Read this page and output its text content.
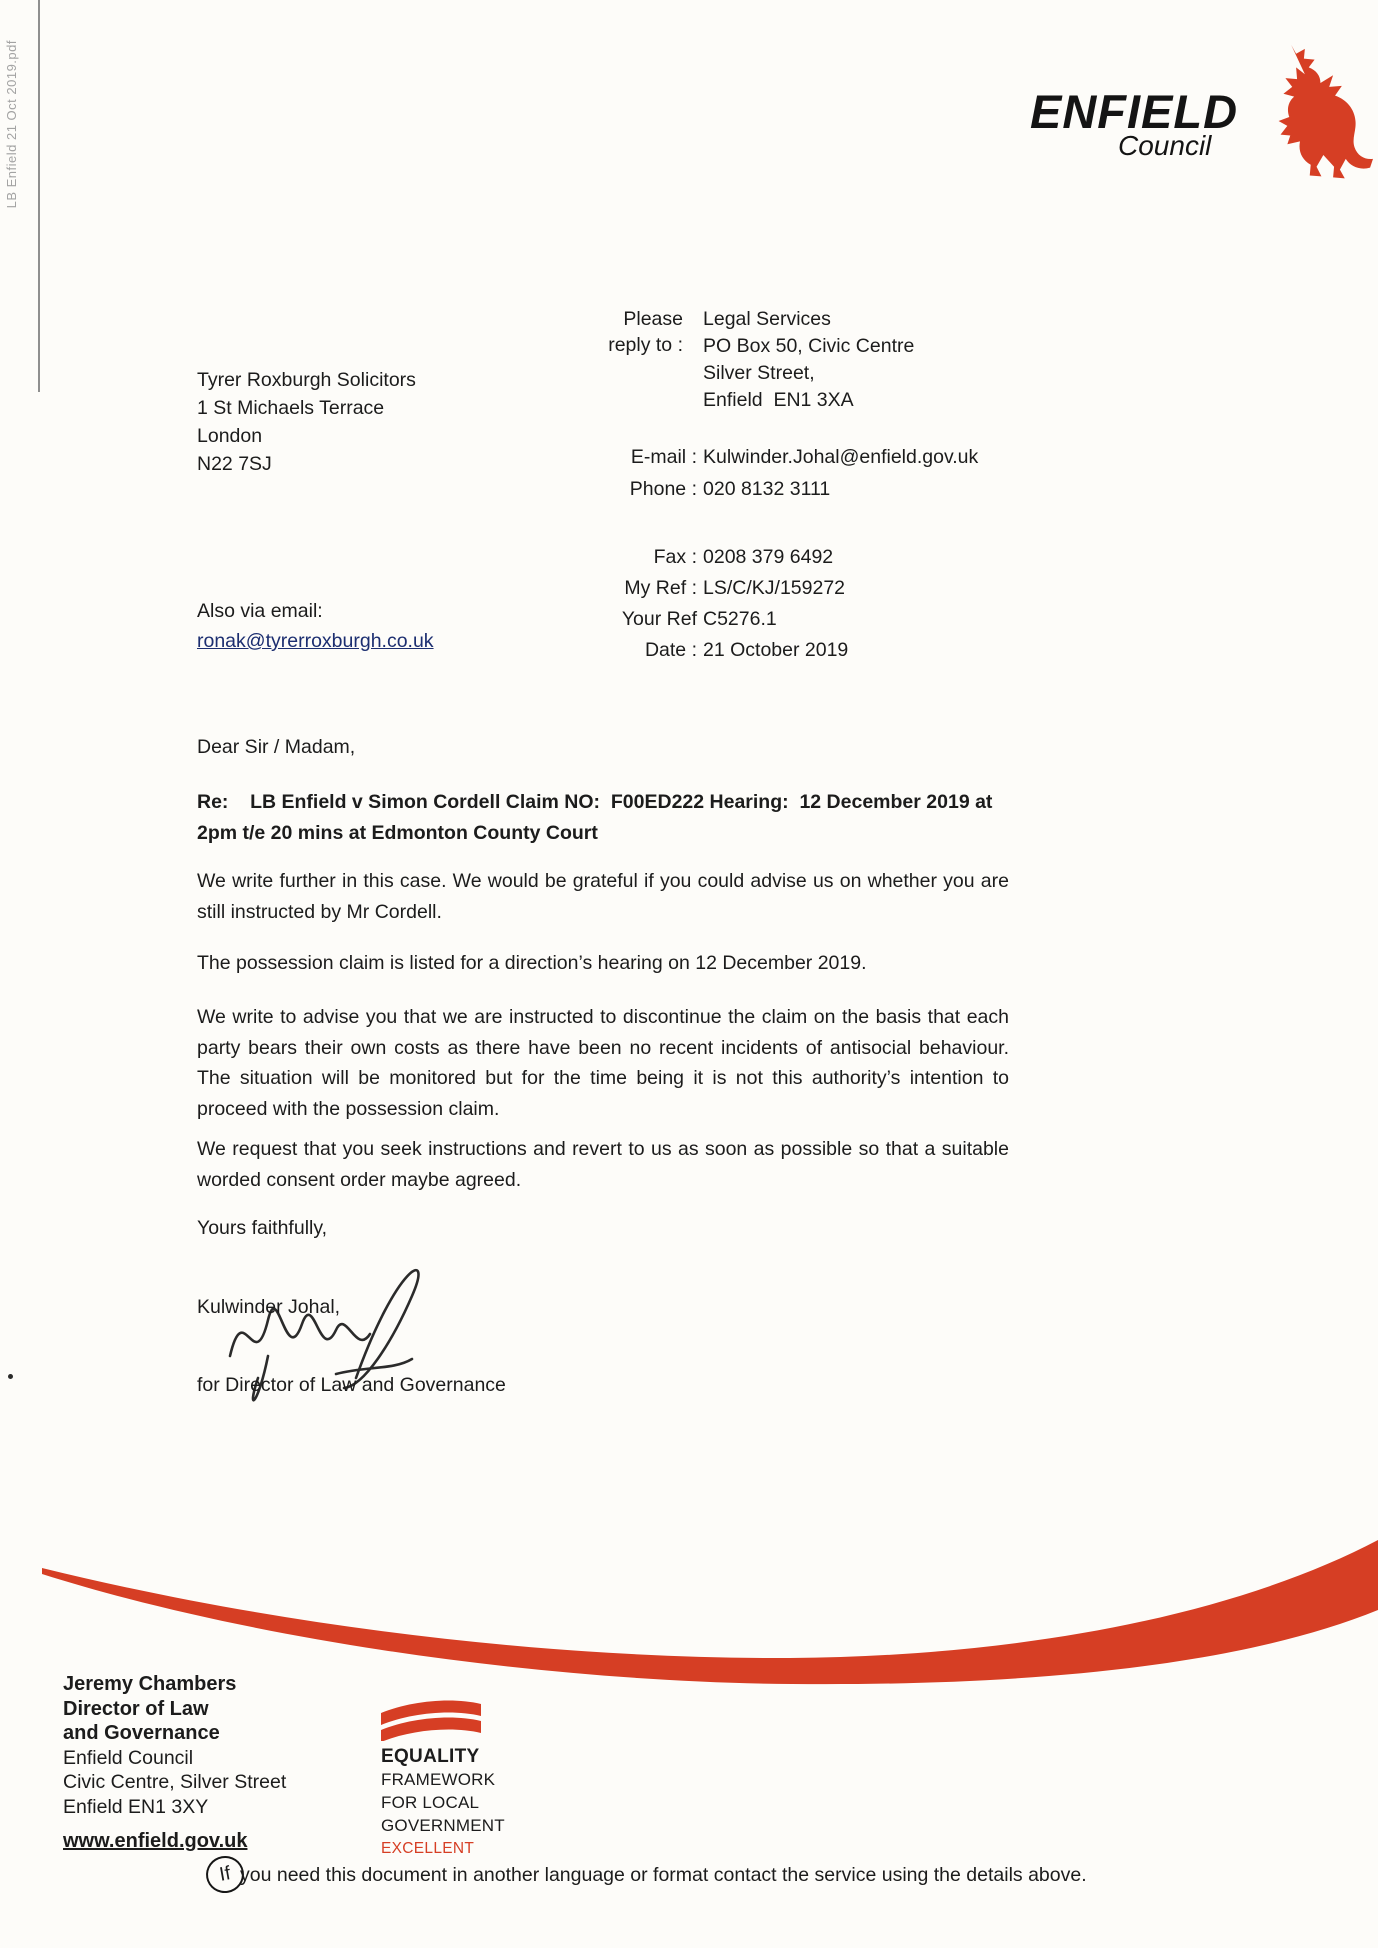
LB Enfield 21 Oct 2019.pdf	ENFIELD
Council
Tyrer Roxburgh Solicitors
1 St Michaels Terrace
London
N22 7SJ
Please
reply to :
Legal Services
PO Box 50, Civic Centre
Silver Street,
Enfield  EN1 3XA
E-mail : Kulwinder.Johal@enfield.gov.uk
Phone : 020 8132 3111
Fax : 0208 379 6492
My Ref : LS/C/KJ/159272
Your Ref C5276.1
Date : 21 October 2019
Also via email:
ronak@tyrerroxburgh.co.uk
Dear Sir / Madam,
Re:    LB Enfield v Simon Cordell Claim NO:  F00ED222 Hearing:  12 December 2019 at
2pm t/e 20 mins at Edmonton County Court
We write further in this case. We would be grateful if you could advise us on whether you are still instructed by Mr Cordell.
The possession claim is listed for a direction’s hearing on 12 December 2019.
We write to advise you that we are instructed to discontinue the claim on the basis that each party bears their own costs as there have been no recent incidents of antisocial behaviour. The situation will be monitored but for the time being it is not this authority’s intention to proceed with the possession claim.
We request that you seek instructions and revert to us as soon as possible so that a suitable worded consent order maybe agreed.
Yours faithfully,
Kulwinder Johal,
for Director of Law and Governance
Jeremy Chambers
Director of Law
and Governance
Enfield Council
Civic Centre, Silver Street
Enfield EN1 3XY
www.enfield.gov.uk
EQUALITY
FRAMEWORK
FOR LOCAL
GOVERNMENT
EXCELLENT
If you need this document in another language or format contact the service using the details above.
